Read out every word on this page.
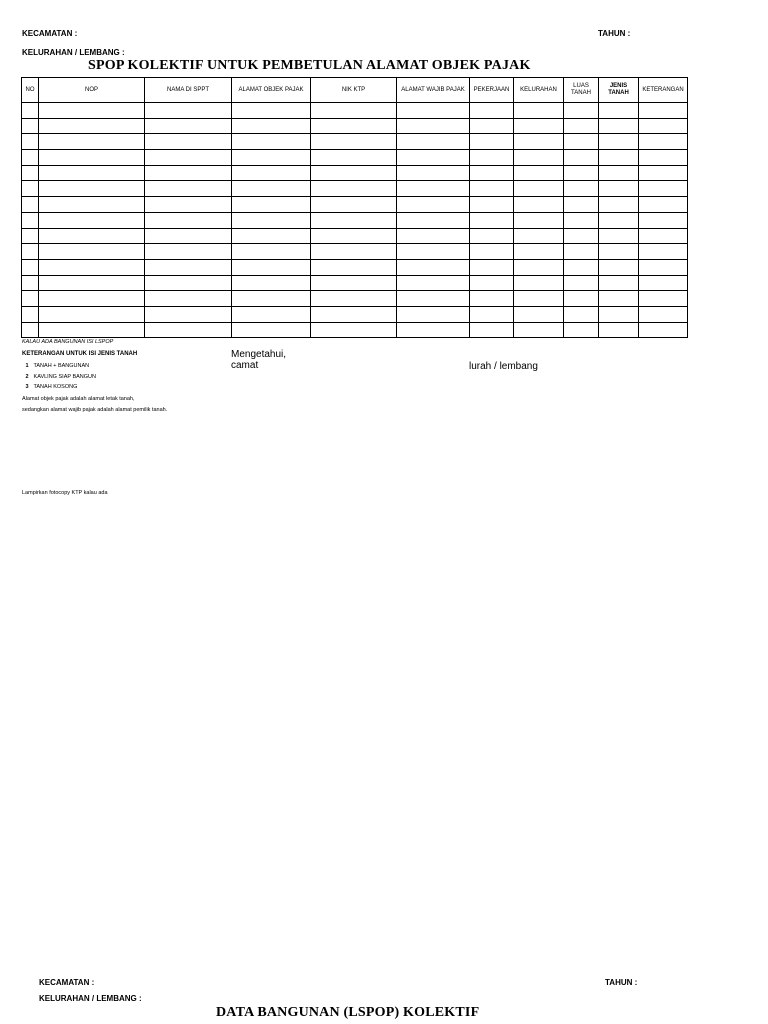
KECAMATAN :	TAHUN :
KELURAHAN / LEMBANG :
SPOP KOLEKTIF UNTUK PEMBETULAN ALAMAT OBJEK PAJAK
NO	NOP	NAMA DI SPPT	ALAMAT OBJEK PAJAK	NIK KTP	ALAMAT WAJIB PAJAK	PEKERJAAN	KELURAHAN	LUAS TANAH	JENIS TANAH	KETERANGAN

KALAU ADA BANGUNAN ISI LSPOP
KETERANGAN UNTUK ISI JENIS TANAH
1 TANAH + BANGUNAN
2 KAVLING SIAP BANGUN
3 TANAH KOSONG
Alamat objek pajak adalah alamat letak tanah,
sedangkan alamat wajib pajak adalah alamat pemilik tanah.
Mengetahui,
camat	lurah / lembang
Lampirkan fotocopy KTP kalau ada
KECAMATAN :	TAHUN :
KELURAHAN / LEMBANG :
DATA BANGUNAN (LSPOP) KOLEKTIF
